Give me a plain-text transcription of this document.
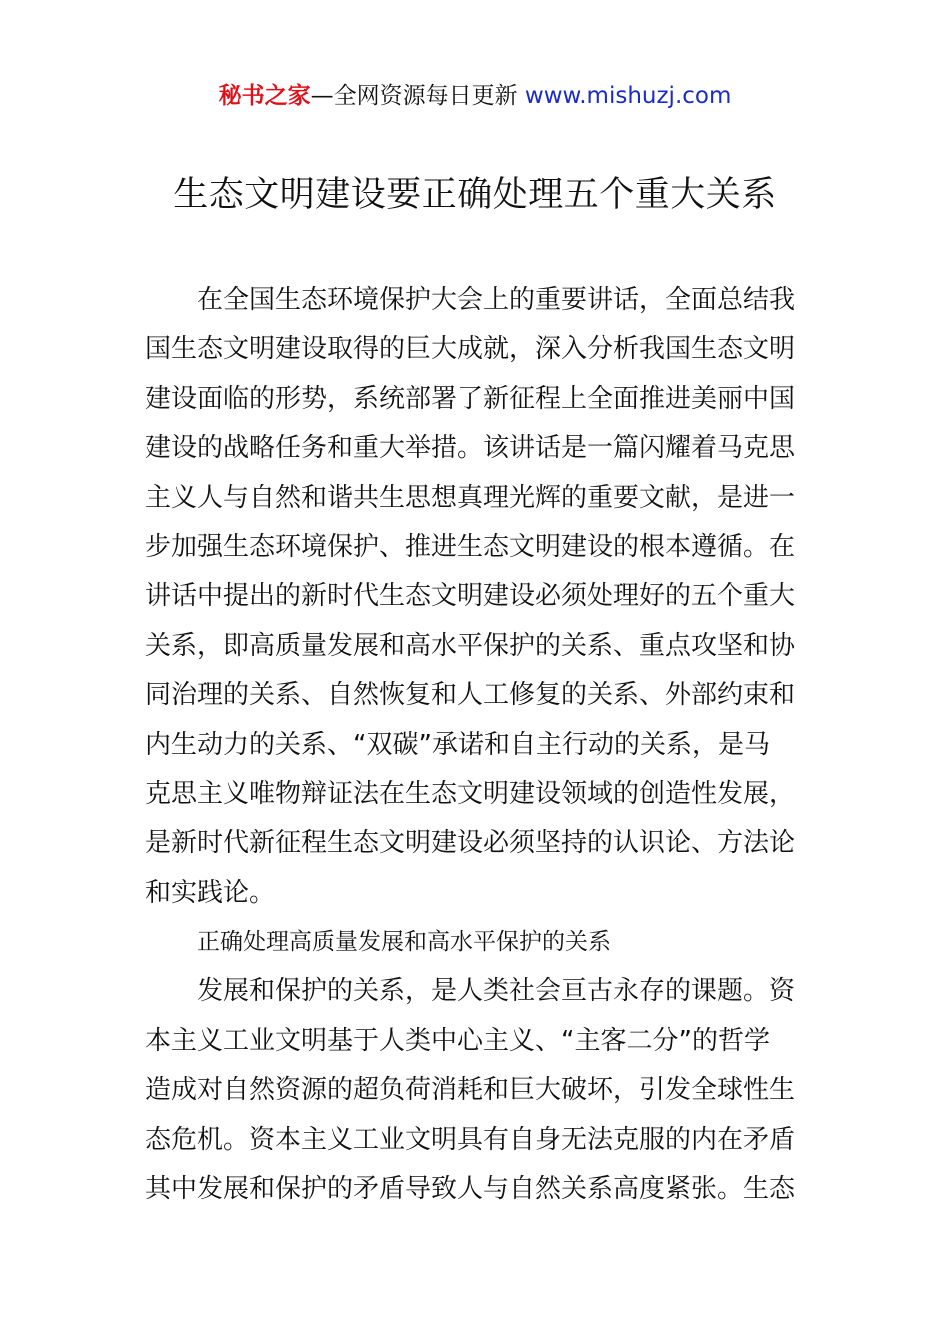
秘书之家—全网资源每日更新 www.mishuzj.com
生态文明建设要正确处理五个重大关系
在全国生态环境保护大会上的重要讲话，全面总结我
国生态文明建设取得的巨大成就，深入分析我国生态文明
建设面临的形势，系统部署了新征程上全面推进美丽中国
建设的战略任务和重大举措。该讲话是一篇闪耀着马克思
主义人与自然和谐共生思想真理光辉的重要文献，是进一
步加强生态环境保护、推进生态文明建设的根本遵循。在
讲话中提出的新时代生态文明建设必须处理好的五个重大
关系，即高质量发展和高水平保护的关系、重点攻坚和协
同治理的关系、自然恢复和人工修复的关系、外部约束和
内生动力的关系、“双碳”承诺和自主行动的关系，是马
克思主义唯物辩证法在生态文明建设领域的创造性发展，
是新时代新征程生态文明建设必须坚持的认识论、方法论
和实践论。
正确处理高质量发展和高水平保护的关系
发展和保护的关系，是人类社会亘古永存的课题。资
本主义工业文明基于人类中心主义、“主客二分”的哲学
造成对自然资源的超负荷消耗和巨大破坏，引发全球性生
态危机。资本主义工业文明具有自身无法克服的内在矛盾
其中发展和保护的矛盾导致人与自然关系高度紧张。生态
